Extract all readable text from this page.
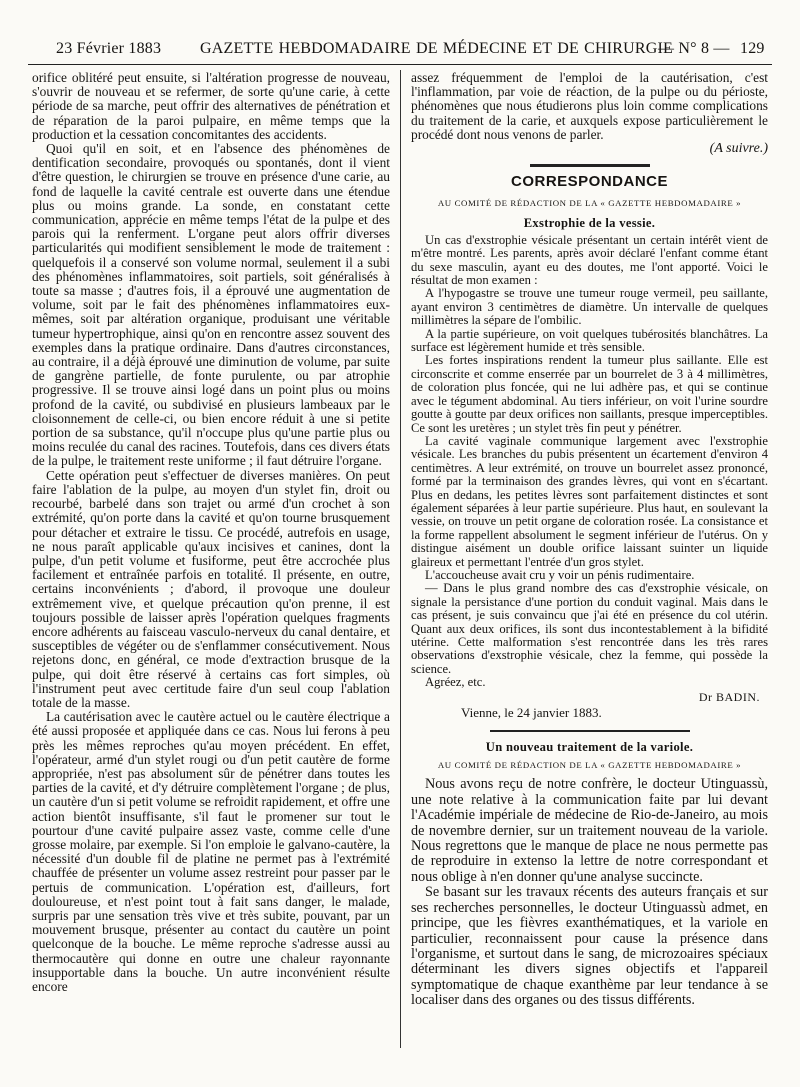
23 Février 1883 GAZETTE HEBDOMADAIRE DE MÉDECINE ET DE CHIRURGIE
— N° 8 — 129

orifice oblitéré peut ensuite, si l'altération progresse de nouveau, s'ouvrir de nouveau et se refermer, de sorte qu'une carie, à cette période de sa marche, peut offrir des alternatives de pénétration et de réparation de la paroi pulpaire, en même temps que la production et la cessation concomitantes des accidents.

Quoi qu'il en soit, et en l'absence des phénomènes de dentification secondaire, provoqués ou spontanés, dont il vient d'être question, le chirurgien se trouve en présence d'une carie, au fond de laquelle la cavité centrale est ouverte dans une étendue plus ou moins grande. La sonde, en constatant cette communication, apprécie en même temps l'état de la pulpe et des parois qui la renferment. L'organe peut alors offrir diverses particularités qui modifient sensiblement le mode de traitement : quelquefois il a conservé son volume normal, seulement il a subi des phénomènes inflammatoires, soit partiels, soit généralisés à toute sa masse ; d'autres fois, il a éprouvé une augmentation de volume, soit par le fait des phénomènes inflammatoires eux-mêmes, soit par altération organique, produisant une véritable tumeur hypertrophique, ainsi qu'on en rencontre assez souvent des exemples dans la pratique ordinaire. Dans d'autres circonstances, au contraire, il a déjà éprouvé une diminution de volume, par suite de gangrène partielle, de fonte purulente, ou par atrophie progressive. Il se trouve ainsi logé dans un point plus ou moins profond de la cavité, ou subdivisé en plusieurs lambeaux par le cloisonnement de celle-ci, ou bien encore réduit à une si petite portion de sa substance, qu'il n'occupe plus qu'une partie plus ou moins reculée du canal des racines. Toutefois, dans ces divers états de la pulpe, le traitement reste uniforme ; il faut détruire l'organe.

Cette opération peut s'effectuer de diverses manières. On peut faire l'ablation de la pulpe, au moyen d'un stylet fin, droit ou recourbé, barbelé dans son trajet ou armé d'un crochet à son extrémité, qu'on porte dans la cavité et qu'on tourne brusquement pour détacher et extraire le tissu. Ce procédé, autrefois en usage, ne nous paraît applicable qu'aux incisives et canines, dont la pulpe, d'un petit volume et fusiforme, peut être accrochée plus facilement et entraînée parfois en totalité. Il présente, en outre, certains inconvénients ; d'abord, il provoque une douleur extrêmement vive, et quelque précaution qu'on prenne, il est toujours possible de laisser après l'opération quelques fragments encore adhérents au faisceau vasculo-nerveux du canal dentaire, et susceptibles de végéter ou de s'enflammer consécutivement. Nous rejetons donc, en général, ce mode d'extraction brusque de la pulpe, qui doit être réservé à certains cas fort simples, où l'instrument peut avec certitude faire d'un seul coup l'ablation totale de la masse.

La cautérisation avec le cautère actuel ou le cautère électrique a été aussi proposée et appliquée dans ce cas. Nous lui ferons à peu près les mêmes reproches qu'au moyen précédent. En effet, l'opérateur, armé d'un stylet rougi ou d'un petit cautère de forme appropriée, n'est pas absolument sûr de pénétrer dans toutes les parties de la cavité, et d'y détruire complètement l'organe ; de plus, un cautère d'un si petit volume se refroidit rapidement, et offre une action bientôt insuffisante, s'il faut le promener sur tout le pourtour d'une cavité pulpaire assez vaste, comme celle d'une grosse molaire, par exemple. Si l'on emploie le galvano-cautère, la nécessité d'un double fil de platine ne permet pas à l'extrémité chauffée de présenter un volume assez restreint pour passer par le pertuis de communication. L'opération est, d'ailleurs, fort douloureuse, et n'est point tout à fait sans danger, le malade, surpris par une sensation très vive et très subite, pouvant, par un mouvement brusque, présenter au contact du cautère un point quelconque de la bouche. Le même reproche s'adresse aussi au thermocautère qui donne en outre une chaleur rayonnante insupportable dans la bouche. Un autre inconvénient résulte encore

assez fréquemment de l'emploi de la cautérisation, c'est l'inflammation, par voie de réaction, de la pulpe ou du périoste, phénomènes que nous étudierons plus loin comme complications du traitement de la carie, et auxquels expose particulièrement le procédé dont nous venons de parler.

(A suivre.)

CORRESPONDANCE
AU COMITÉ DE RÉDACTION DE LA « GAZETTE HEBDOMADAIRE »
Exstrophie de la vessie.

Un cas d'exstrophie vésicale présentant un certain intérêt vient de m'être montré. Les parents, après avoir déclaré l'enfant comme étant du sexe masculin, ayant eu des doutes, me l'ont apporté. Voici le résultat de mon examen :

A l'hypogastre se trouve une tumeur rouge vermeil, peu saillante, ayant environ 3 centimètres de diamètre. Un intervalle de quelques millimètres la sépare de l'ombilic.

A la partie supérieure, on voit quelques tubérosités blanchâtres. La surface est légèrement humide et très sensible.

Les fortes inspirations rendent la tumeur plus saillante. Elle est circonscrite et comme enserrée par un bourrelet de 3 à 4 millimètres, de coloration plus foncée, qui ne lui adhère pas, et qui se continue avec le tégument abdominal. Au tiers inférieur, on voit l'urine sourdre goutte à goutte par deux orifices non saillants, presque imperceptibles. Ce sont les uretères ; un stylet très fin peut y pénétrer.

La cavité vaginale communique largement avec l'exstrophie vésicale. Les branches du pubis présentent un écartement d'environ 4 centimètres. A leur extrémité, on trouve un bourrelet assez prononcé, formé par la terminaison des grandes lèvres, qui vont en s'écartant. Plus en dedans, les petites lèvres sont parfaitement distinctes et sont également séparées à leur partie supérieure. Plus haut, en soulevant la vessie, on trouve un petit organe de coloration rosée. La consistance et la forme rappellent absolument le segment inférieur de l'utérus. On y distingue aisément un double orifice laissant suinter un liquide glaireux et permettant l'entrée d'un gros stylet.

L'accoucheuse avait cru y voir un pénis rudimentaire.

— Dans le plus grand nombre des cas d'exstrophie vésicale, on signale la persistance d'une portion du conduit vaginal. Mais dans le cas présent, je suis convaincu que j'ai été en présence du col utérin. Quant aux deux orifices, ils sont dus incontestablement à la bifidité utérine. Cette malformation s'est rencontrée dans les très rares observations d'exstrophie vésicale, chez la femme, qui possède la science.

Agréez, etc.

Dr BADIN.
Vienne, le 24 janvier 1883.
Un nouveau traitement de la variole.
AU COMITÉ DE RÉDACTION DE LA « GAZETTE HEBDOMADAIRE »

Nous avons reçu de notre confrère, le docteur Utinguassù, une note relative à la communication faite par lui devant l'Académie impériale de médecine de Rio-de-Janeiro, au mois de novembre dernier, sur un traitement nouveau de la variole. Nous regrettons que le manque de place ne nous permette pas de reproduire in extenso la lettre de notre correspondant et nous oblige à n'en donner qu'une analyse succincte.

Se basant sur les travaux récents des auteurs français et sur ses recherches personnelles, le docteur Utinguassù admet, en principe, que les fièvres exanthématiques, et la variole en particulier, reconnaissent pour cause la présence dans l'organisme, et surtout dans le sang, de microzoaires spéciaux déterminant les divers signes objectifs et l'appareil symptomatique de chaque exanthème par leur tendance à se localiser dans des organes ou des tissus différents.
